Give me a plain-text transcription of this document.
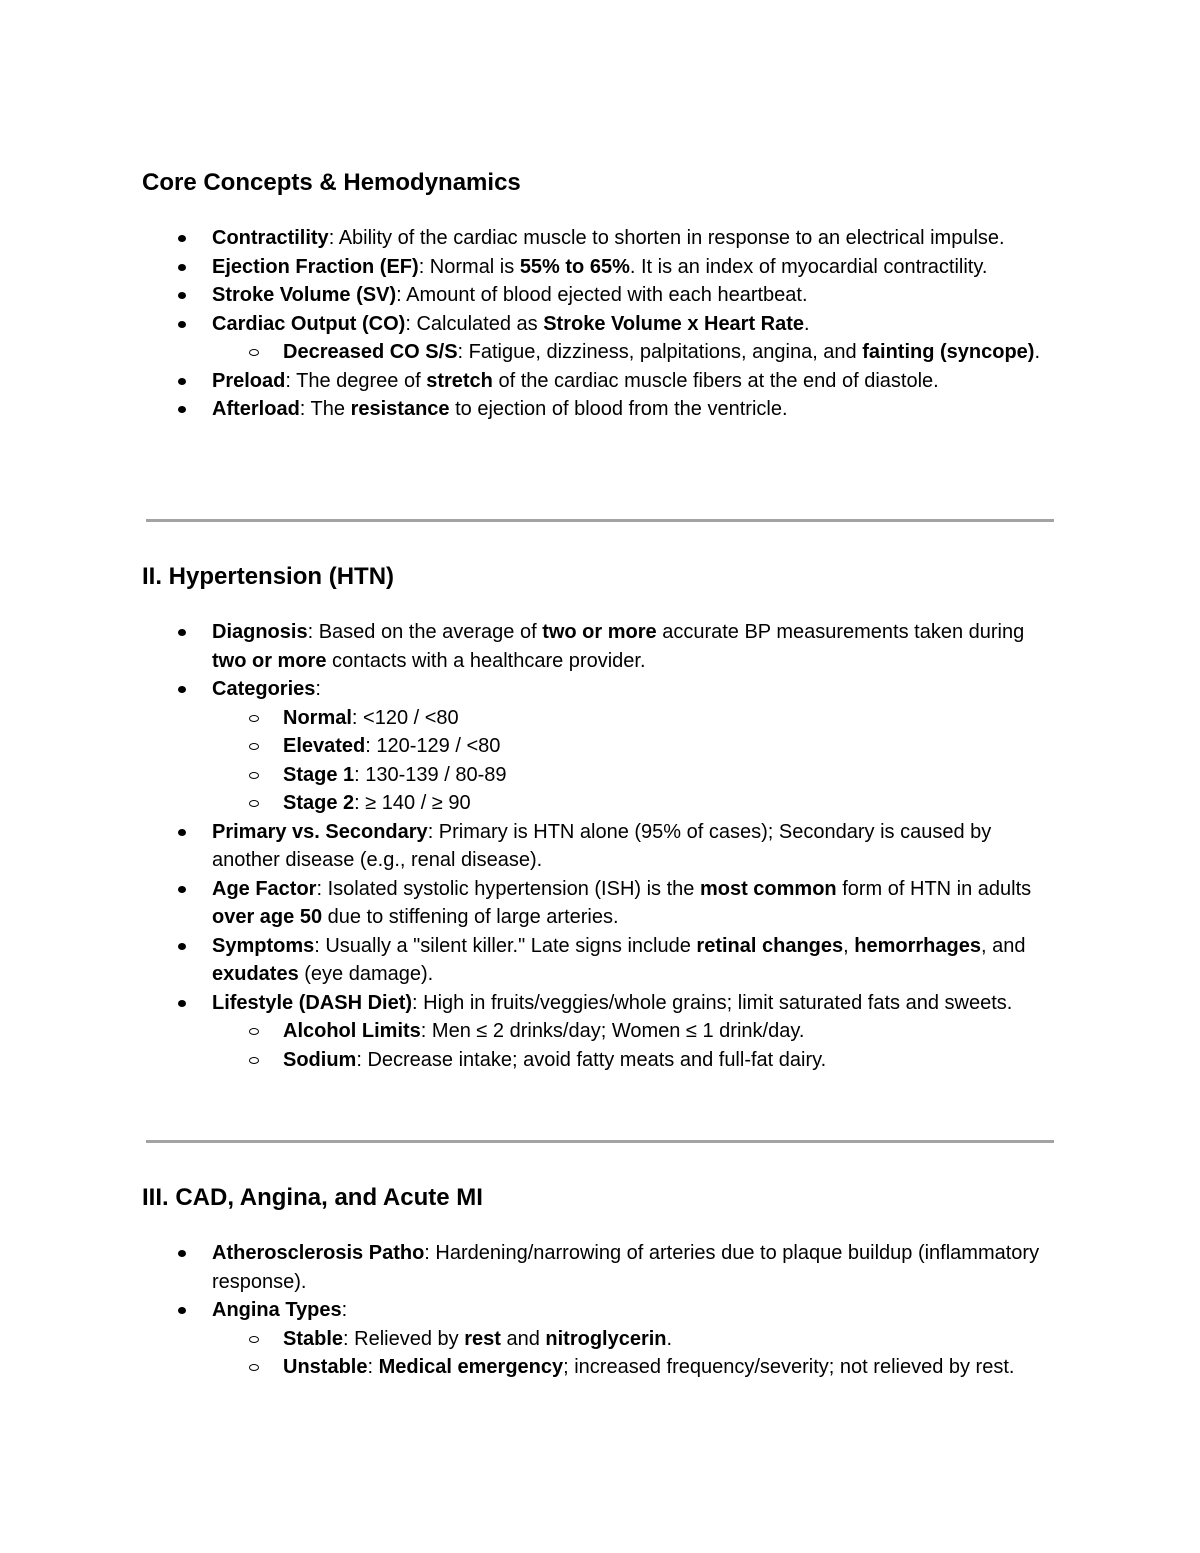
Core Concepts & Hemodynamics
Contractility: Ability of the cardiac muscle to shorten in response to an electrical impulse.
Ejection Fraction (EF): Normal is 55% to 65%. It is an index of myocardial contractility.
Stroke Volume (SV): Amount of blood ejected with each heartbeat.
Cardiac Output (CO): Calculated as Stroke Volume x Heart Rate.
Decreased CO S/S: Fatigue, dizziness, palpitations, angina, and fainting (syncope).
Preload: The degree of stretch of the cardiac muscle fibers at the end of diastole.
Afterload: The resistance to ejection of blood from the ventricle.
II. Hypertension (HTN)
Diagnosis: Based on the average of two or more accurate BP measurements taken during two or more contacts with a healthcare provider.
Categories:
Normal: <120 / <80
Elevated: 120-129 / <80
Stage 1: 130-139 / 80-89
Stage 2: ≥ 140 / ≥ 90
Primary vs. Secondary: Primary is HTN alone (95% of cases); Secondary is caused by another disease (e.g., renal disease).
Age Factor: Isolated systolic hypertension (ISH) is the most common form of HTN in adults over age 50 due to stiffening of large arteries.
Symptoms: Usually a "silent killer." Late signs include retinal changes, hemorrhages, and exudates (eye damage).
Lifestyle (DASH Diet): High in fruits/veggies/whole grains; limit saturated fats and sweets.
Alcohol Limits: Men ≤ 2 drinks/day; Women ≤ 1 drink/day.
Sodium: Decrease intake; avoid fatty meats and full-fat dairy.
III. CAD, Angina, and Acute MI
Atherosclerosis Patho: Hardening/narrowing of arteries due to plaque buildup (inflammatory response).
Angina Types:
Stable: Relieved by rest and nitroglycerin.
Unstable: Medical emergency; increased frequency/severity; not relieved by rest.
